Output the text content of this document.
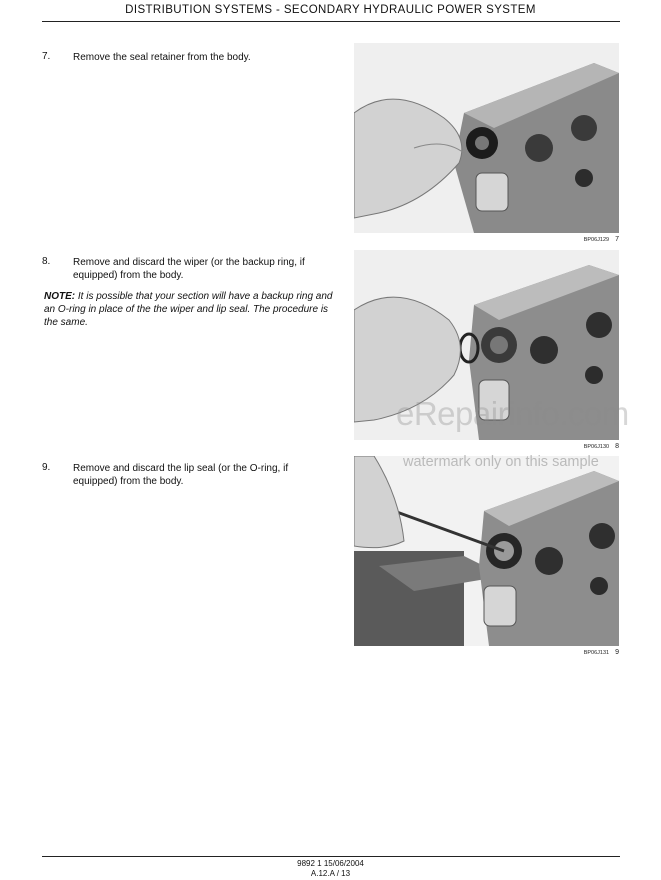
DISTRIBUTION SYSTEMS - SECONDARY HYDRAULIC POWER SYSTEM
7. Remove the seal retainer from the body.
8. Remove and discard the wiper (or the backup ring, if equipped) from the body.
NOTE: It is possible that your section will have a backup ring and an O-ring in place of the the wiper and lip seal. The procedure is the same.
9. Remove and discard the lip seal (or the O-ring, if equipped) from the body.
BP06J129 7
BP06J130 8
BP06J131 9
eRepairinfo.com
watermark only on this sample
9892 1 15/06/2004
A.12.A / 13
